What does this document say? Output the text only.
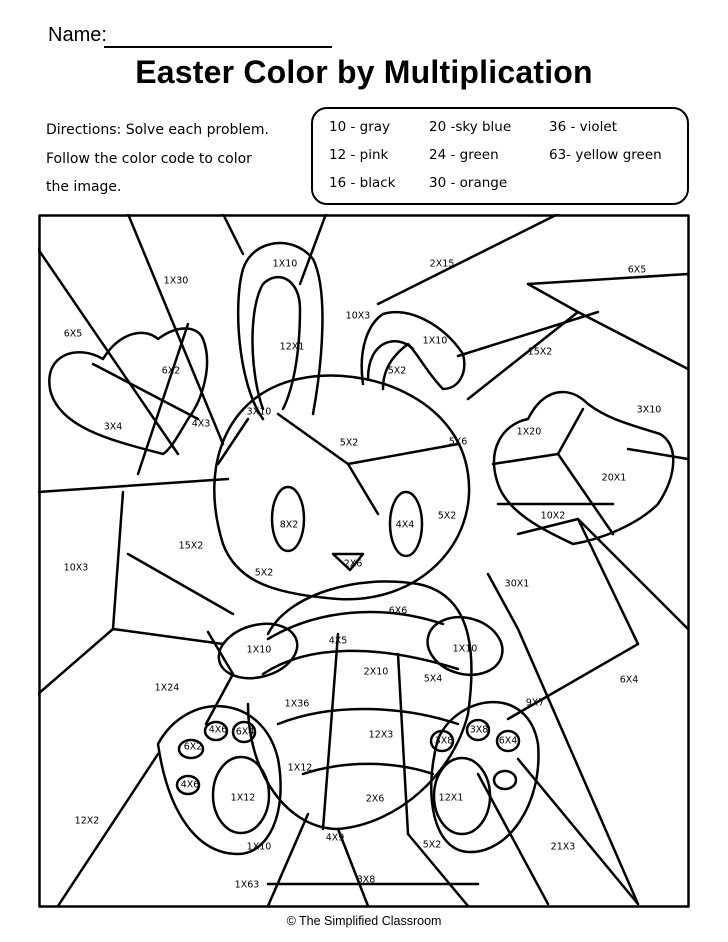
Name:
Easter Color by Multiplication
Directions: Solve each problem.
Follow the color code to color
the image.
10 - gray
12 - pink
16 - black
20 -sky blue
24 - green
30 - orange
36 - violet
63- yellow green
1X30
2X15
6X5
1X10
10X3
1X10
15X2
12X1
6X5
6X2
3X4	4X3
3X10
5X2
5X2	5X6
1X20
3X10
20X1
8X2	4X4
5X2	10X2
10X3
15X2
5X2
2X6
30X1
6X6
1X10
4X5
1X10
6X4
1X24
2X10
5X4
9X7
1X36
12X3
6X2
4X6 6X4
4X6
3X8
3X8
6X4
1X12
1X12	12X1
2X6
12X2
4X9
1X10	5X2	21X3
1X63	3X8
© The Simplified Classroom
